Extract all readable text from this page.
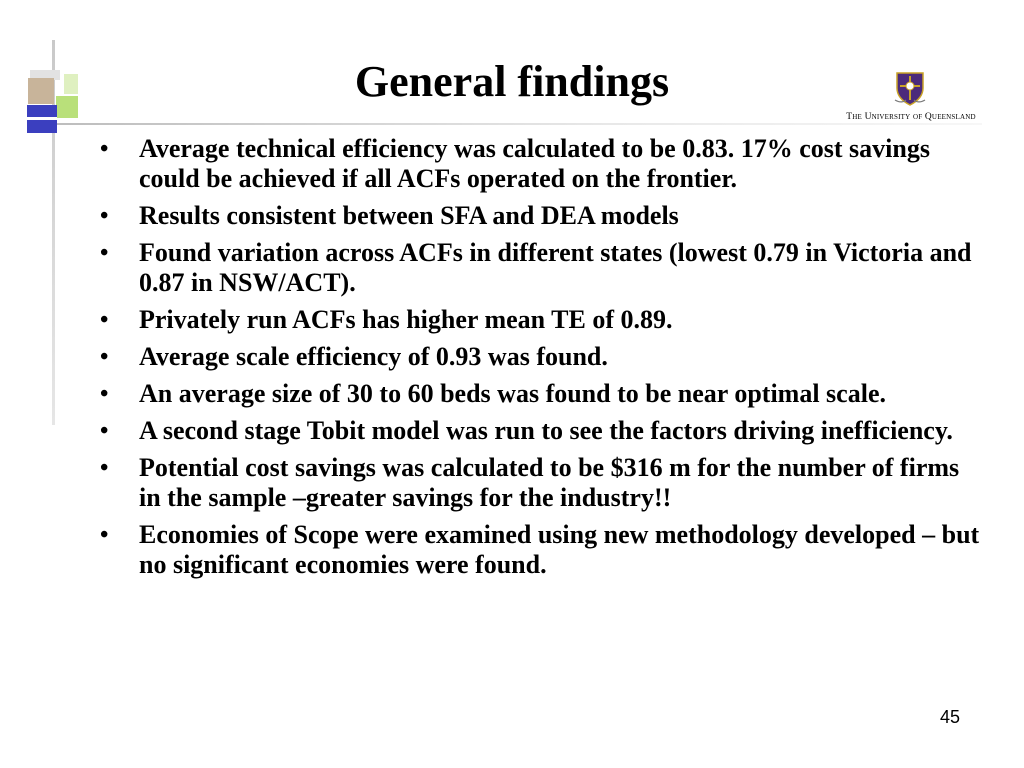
General findings
The University of Queensland
• Average technical efficiency was calculated to be 0.83. 17% cost savings could be achieved if all ACFs operated on the frontier.
• Results consistent between SFA and DEA models
• Found variation across ACFs in different states (lowest 0.79 in Victoria and 0.87 in NSW/ACT).
• Privately run ACFs has higher mean TE of 0.89.
• Average scale efficiency of 0.93 was found.
• An average size of 30 to 60 beds was found to be near optimal scale.
• A second stage Tobit model was run to see the factors driving inefficiency.
• Potential cost savings was calculated to be $316 m for the number of firms in the sample –greater savings for the industry!!
• Economies of Scope were examined using new methodology developed – but no significant economies were found.
45
